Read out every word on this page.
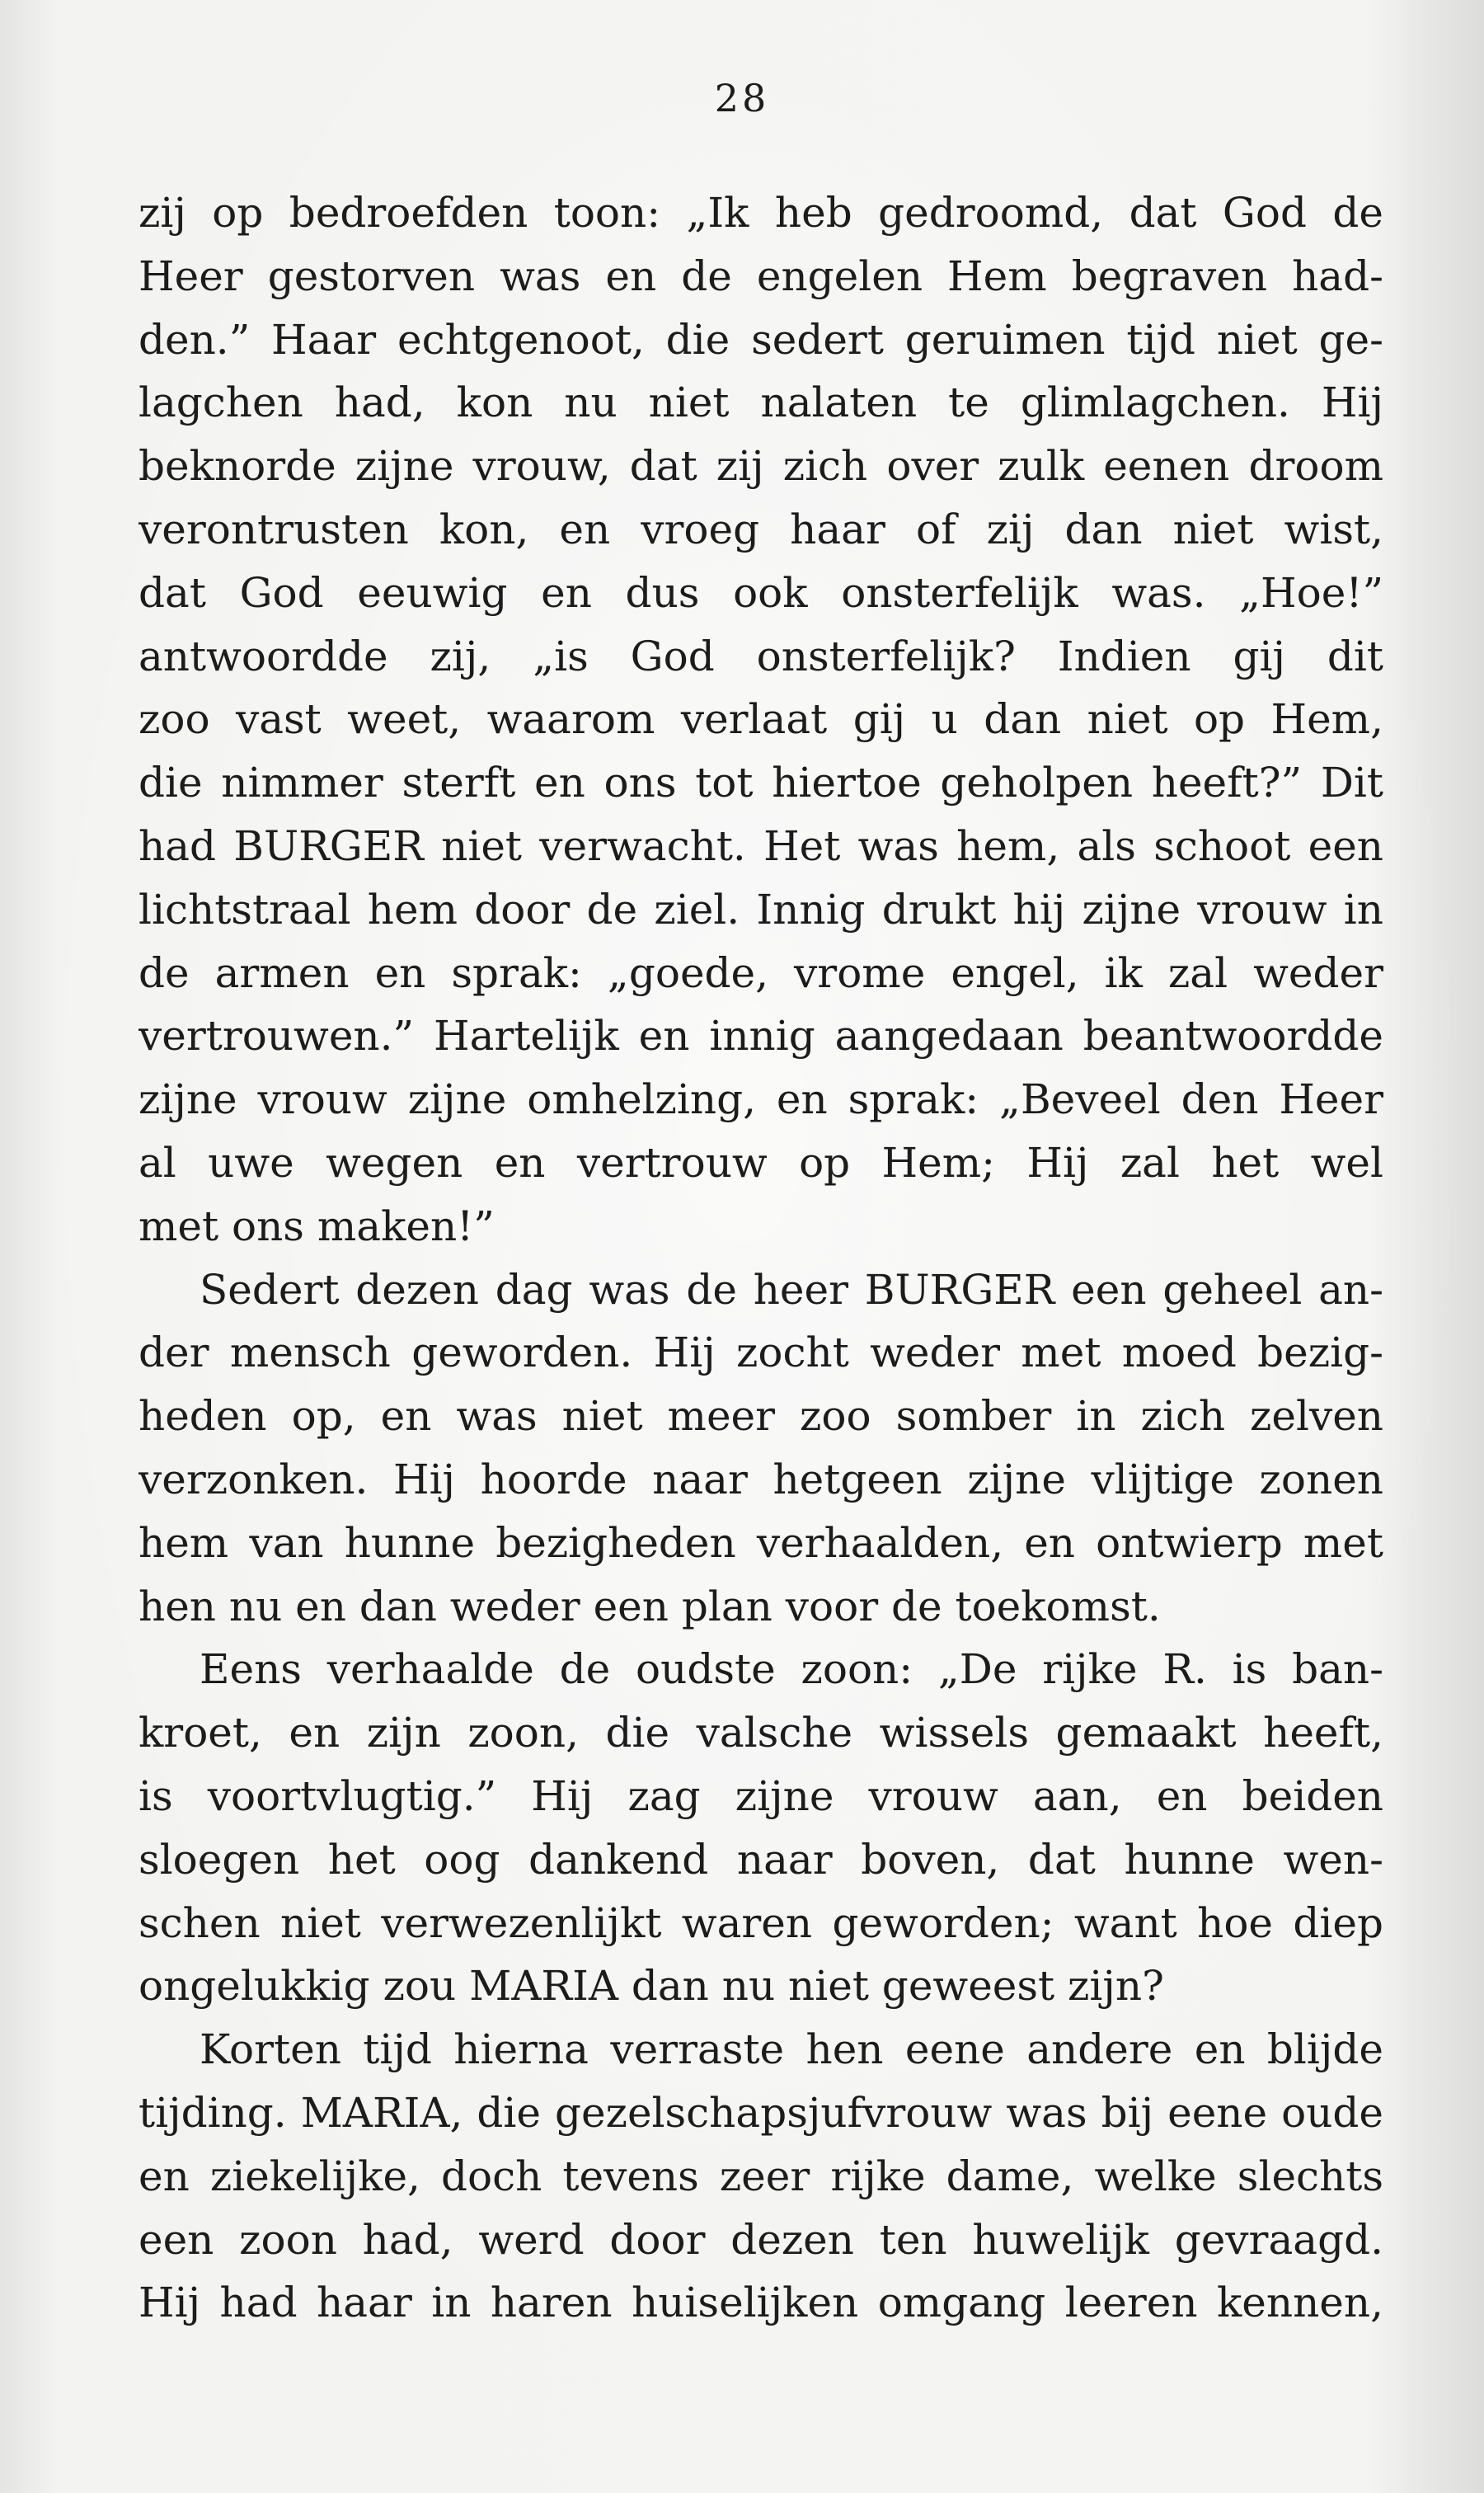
28
zij op bedroefden toon: „Ik heb gedroomd, dat God de
Heer gestorven was en de engelen Hem begraven had-
den.” Haar echtgenoot, die sedert geruimen tijd niet ge-
lagchen had, kon nu niet nalaten te glimlagchen. Hij
beknorde zijne vrouw, dat zij zich over zulk eenen droom
verontrusten kon, en vroeg haar of zij dan niet wist,
dat God eeuwig en dus ook onsterfelijk was. „Hoe!”
antwoordde zij, „is God onsterfelijk? Indien gij dit
zoo vast weet, waarom verlaat gij u dan niet op Hem,
die nimmer sterft en ons tot hiertoe geholpen heeft?” Dit
had BURGER niet verwacht. Het was hem, als schoot een
lichtstraal hem door de ziel. Innig drukt hij zijne vrouw in
de armen en sprak: „goede, vrome engel, ik zal weder
vertrouwen.” Hartelijk en innig aangedaan beantwoordde
zijne vrouw zijne omhelzing, en sprak: „Beveel den Heer
al uwe wegen en vertrouw op Hem; Hij zal het wel
met ons maken!”
Sedert dezen dag was de heer BURGER een geheel an-
der mensch geworden. Hij zocht weder met moed bezig-
heden op, en was niet meer zoo somber in zich zelven
verzonken. Hij hoorde naar hetgeen zijne vlijtige zonen
hem van hunne bezigheden verhaalden, en ontwierp met
hen nu en dan weder een plan voor de toekomst.
Eens verhaalde de oudste zoon: „De rijke R. is ban-
kroet, en zijn zoon, die valsche wissels gemaakt heeft,
is voortvlugtig.” Hij zag zijne vrouw aan, en beiden
sloegen het oog dankend naar boven, dat hunne wen-
schen niet verwezenlijkt waren geworden; want hoe diep
ongelukkig zou MARIA dan nu niet geweest zijn?
Korten tijd hierna verraste hen eene andere en blijde
tijding. MARIA, die gezelschapsjufvrouw was bij eene oude
en ziekelijke, doch tevens zeer rijke dame, welke slechts
een zoon had, werd door dezen ten huwelijk gevraagd.
Hij had haar in haren huiselijken omgang leeren kennen,
